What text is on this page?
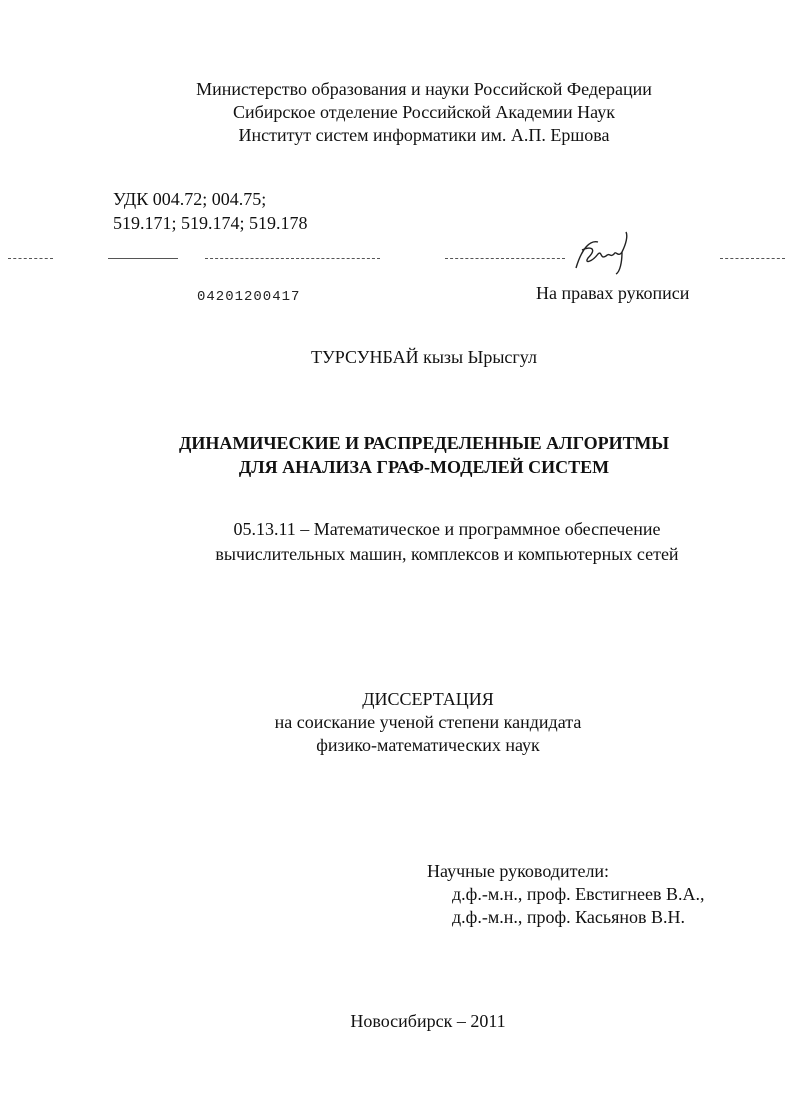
Министерство образования и науки Российской Федерации
Сибирское отделение Российской Академии Наук
Институт систем информатики им. А.П. Ершова
УДК 004.72; 004.75;
519.171; 519.174; 519.178
04201200417	На правах рукописи
ТУРСУНБАЙ кызы Ырысгул
ДИНАМИЧЕСКИЕ И РАСПРЕДЕЛЕННЫЕ АЛГОРИТМЫ
ДЛЯ АНАЛИЗА ГРАФ-МОДЕЛЕЙ СИСТЕМ
05.13.11 – Математическое и программное обеспечение
вычислительных машин, комплексов и компьютерных сетей
ДИССЕРТАЦИЯ
на соискание ученой степени кандидата
физико-математических наук
Научные руководители:
д.ф.-м.н., проф. Евстигнеев В.А.,
д.ф.-м.н., проф. Касьянов В.Н.
Новосибирск – 2011
